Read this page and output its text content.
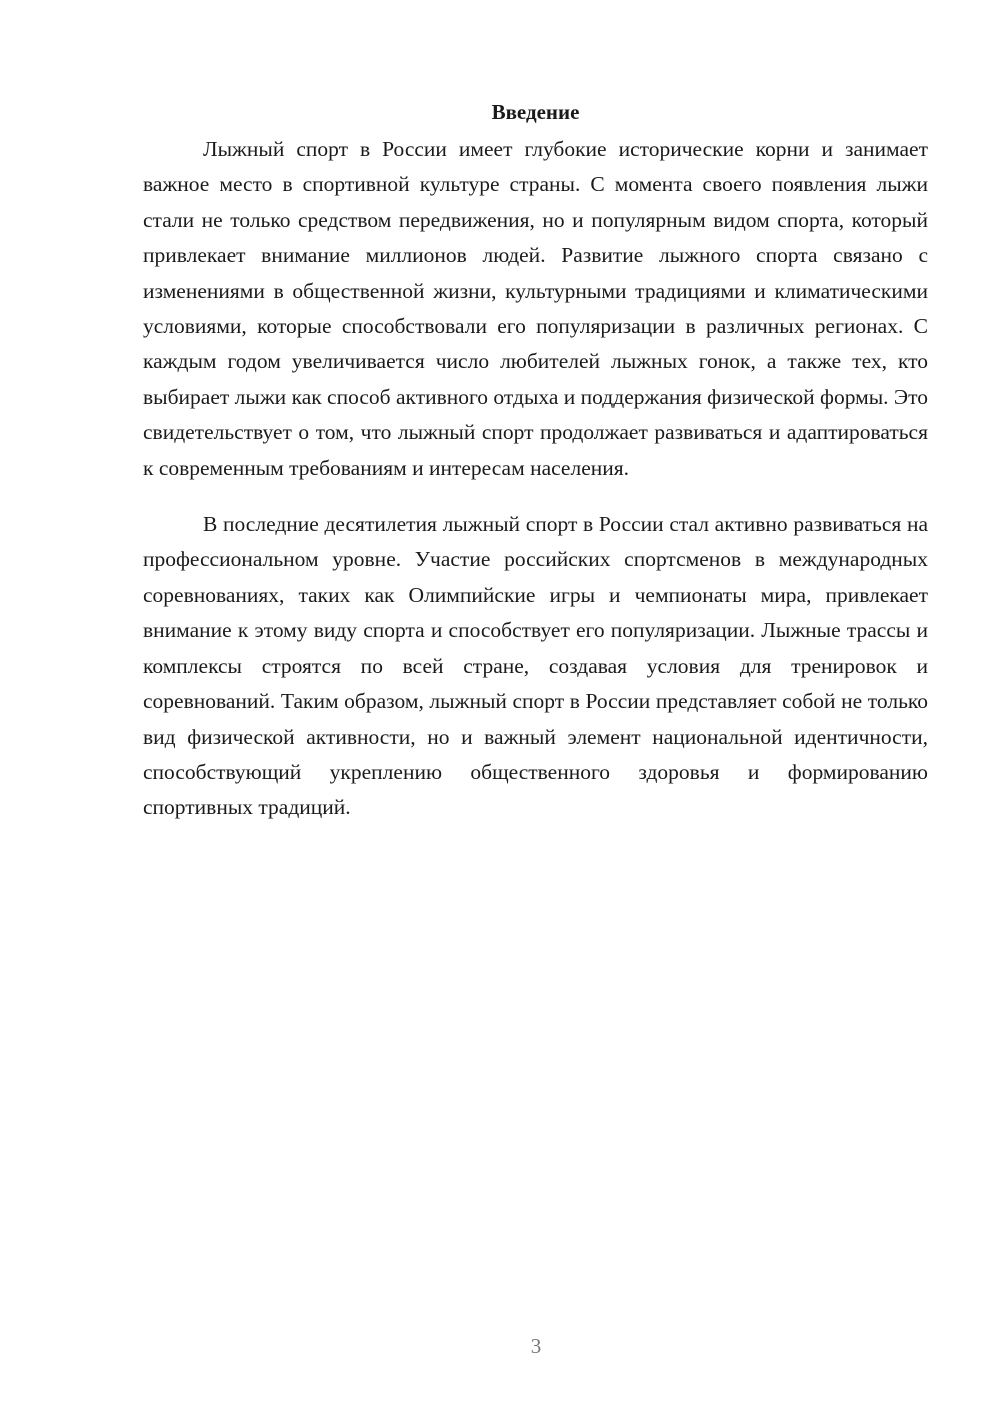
Введение

Лыжный спорт в России имеет глубокие исторические корни и занимает важное место в спортивной культуре страны. С момента своего появления лыжи стали не только средством передвижения, но и популярным видом спорта, который привлекает внимание миллионов людей. Развитие лыжного спорта связано с изменениями в общественной жизни, культурными традициями и климатическими условиями, которые способствовали его популяризации в различных регионах. С каждым годом увеличивается число любителей лыжных гонок, а также тех, кто выбирает лыжи как способ активного отдыха и поддержания физической формы. Это свидетельствует о том, что лыжный спорт продолжает развиваться и адаптироваться к современным требованиям и интересам населения.

В последние десятилетия лыжный спорт в России стал активно развиваться на профессиональном уровне. Участие российских спортсменов в международных соревнованиях, таких как Олимпийские игры и чемпионаты мира, привлекает внимание к этому виду спорта и способствует его популяризации. Лыжные трассы и комплексы строятся по всей стране, создавая условия для тренировок и соревнований. Таким образом, лыжный спорт в России представляет собой не только вид физической активности, но и важный элемент национальной идентичности, способствующий укреплению общественного здоровья и формированию спортивных традиций.

3
